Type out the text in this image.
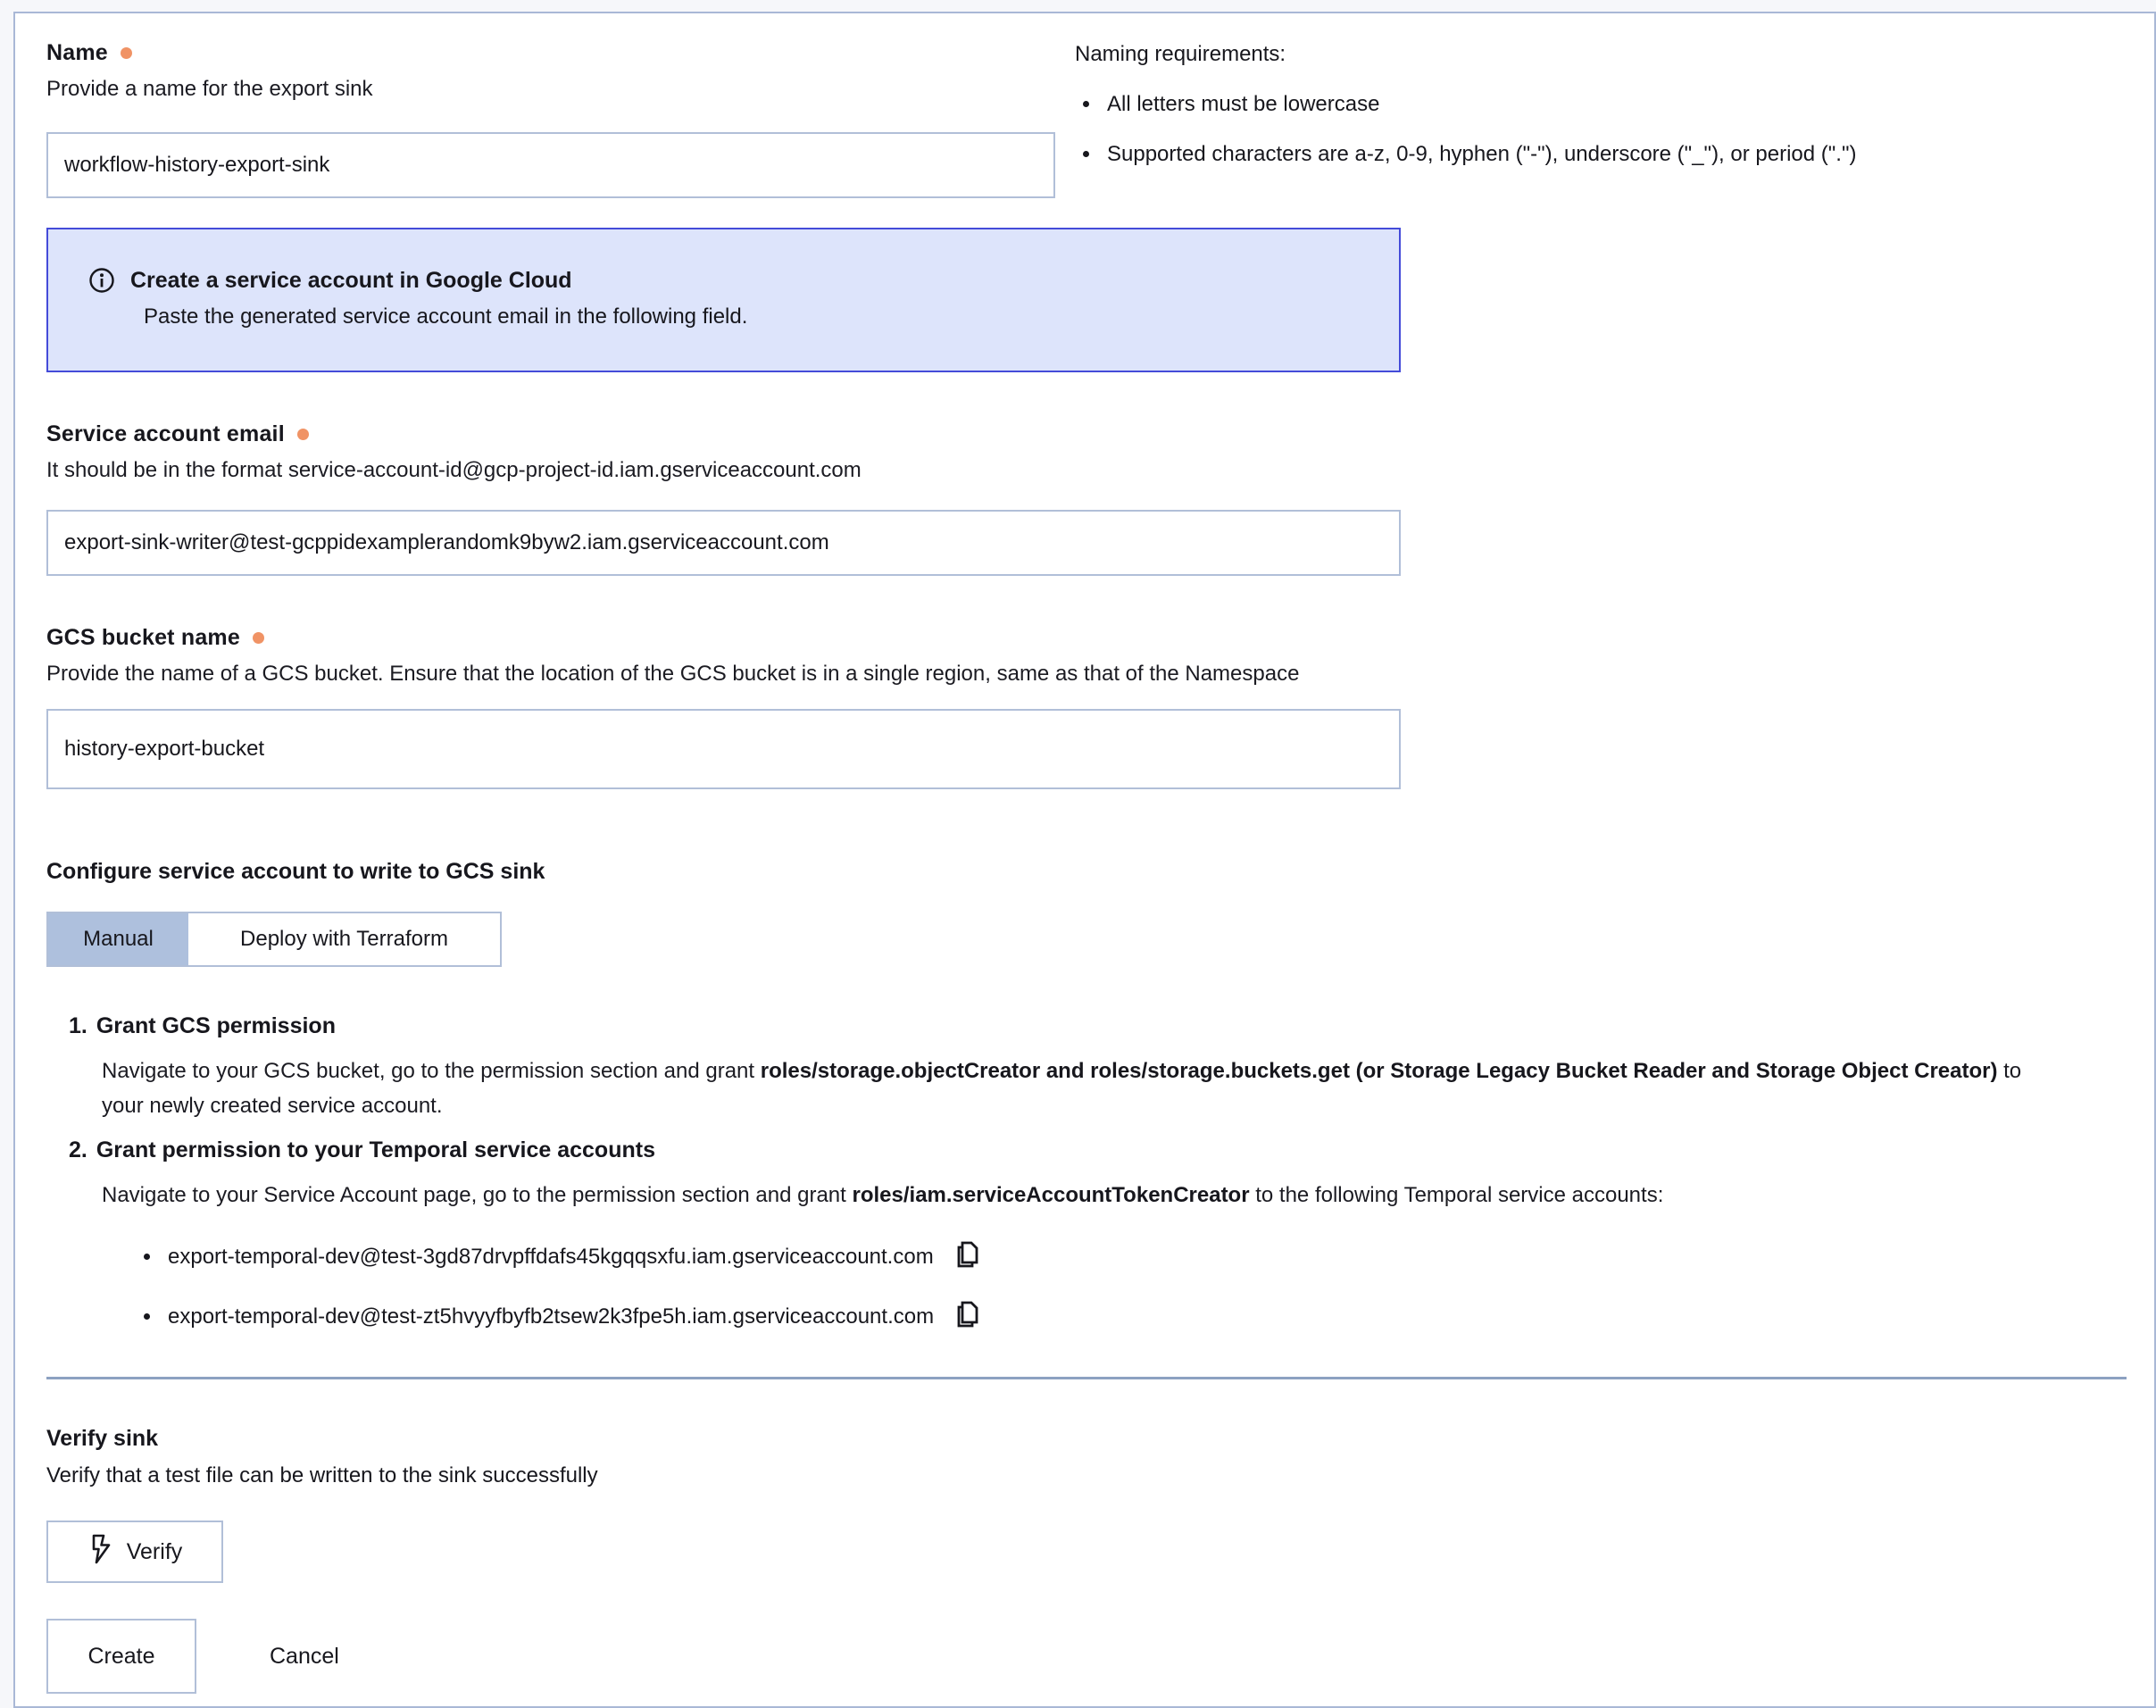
Naming requirements:
• All letters must be lowercase
• Supported characters are a-z, 0-9, hyphen ("-"), underscore ("_"), or period (".")
Name
Provide a name for the export sink
workflow-history-export-sink
Create a service account in Google Cloud
Paste the generated service account email in the following field.
Service account email
It should be in the format service-account-id@gcp-project-id.iam.gserviceaccount.com
export-sink-writer@test-gcppidexamplerandomk9byw2.iam.gserviceaccount.com
GCS bucket name
Provide the name of a GCS bucket. Ensure that the location of the GCS bucket is in a single region, same as that of the Namespace
history-export-bucket
Configure service account to write to GCS sink
Manual	Deploy with Terraform
1. Grant GCS permission

Navigate to your GCS bucket, go to the permission section and grant roles/storage.objectCreator and roles/storage.buckets.get (or Storage Legacy Bucket Reader and Storage Object Creator) to your newly created service account.

2. Grant permission to your Temporal service accounts

Navigate to your Service Account page, go to the permission section and grant roles/iam.serviceAccountTokenCreator to the following Temporal service accounts:

• export-temporal-dev@test-3gd87drvpffdafs45kgqqsxfu.iam.gserviceaccount.com
• export-temporal-dev@test-zt5hvyyfbyfb2tsew2k3fpe5h.iam.gserviceaccount.com
Verify sink
Verify that a test file can be written to the sink successfully
Verify
Create	Cancel
